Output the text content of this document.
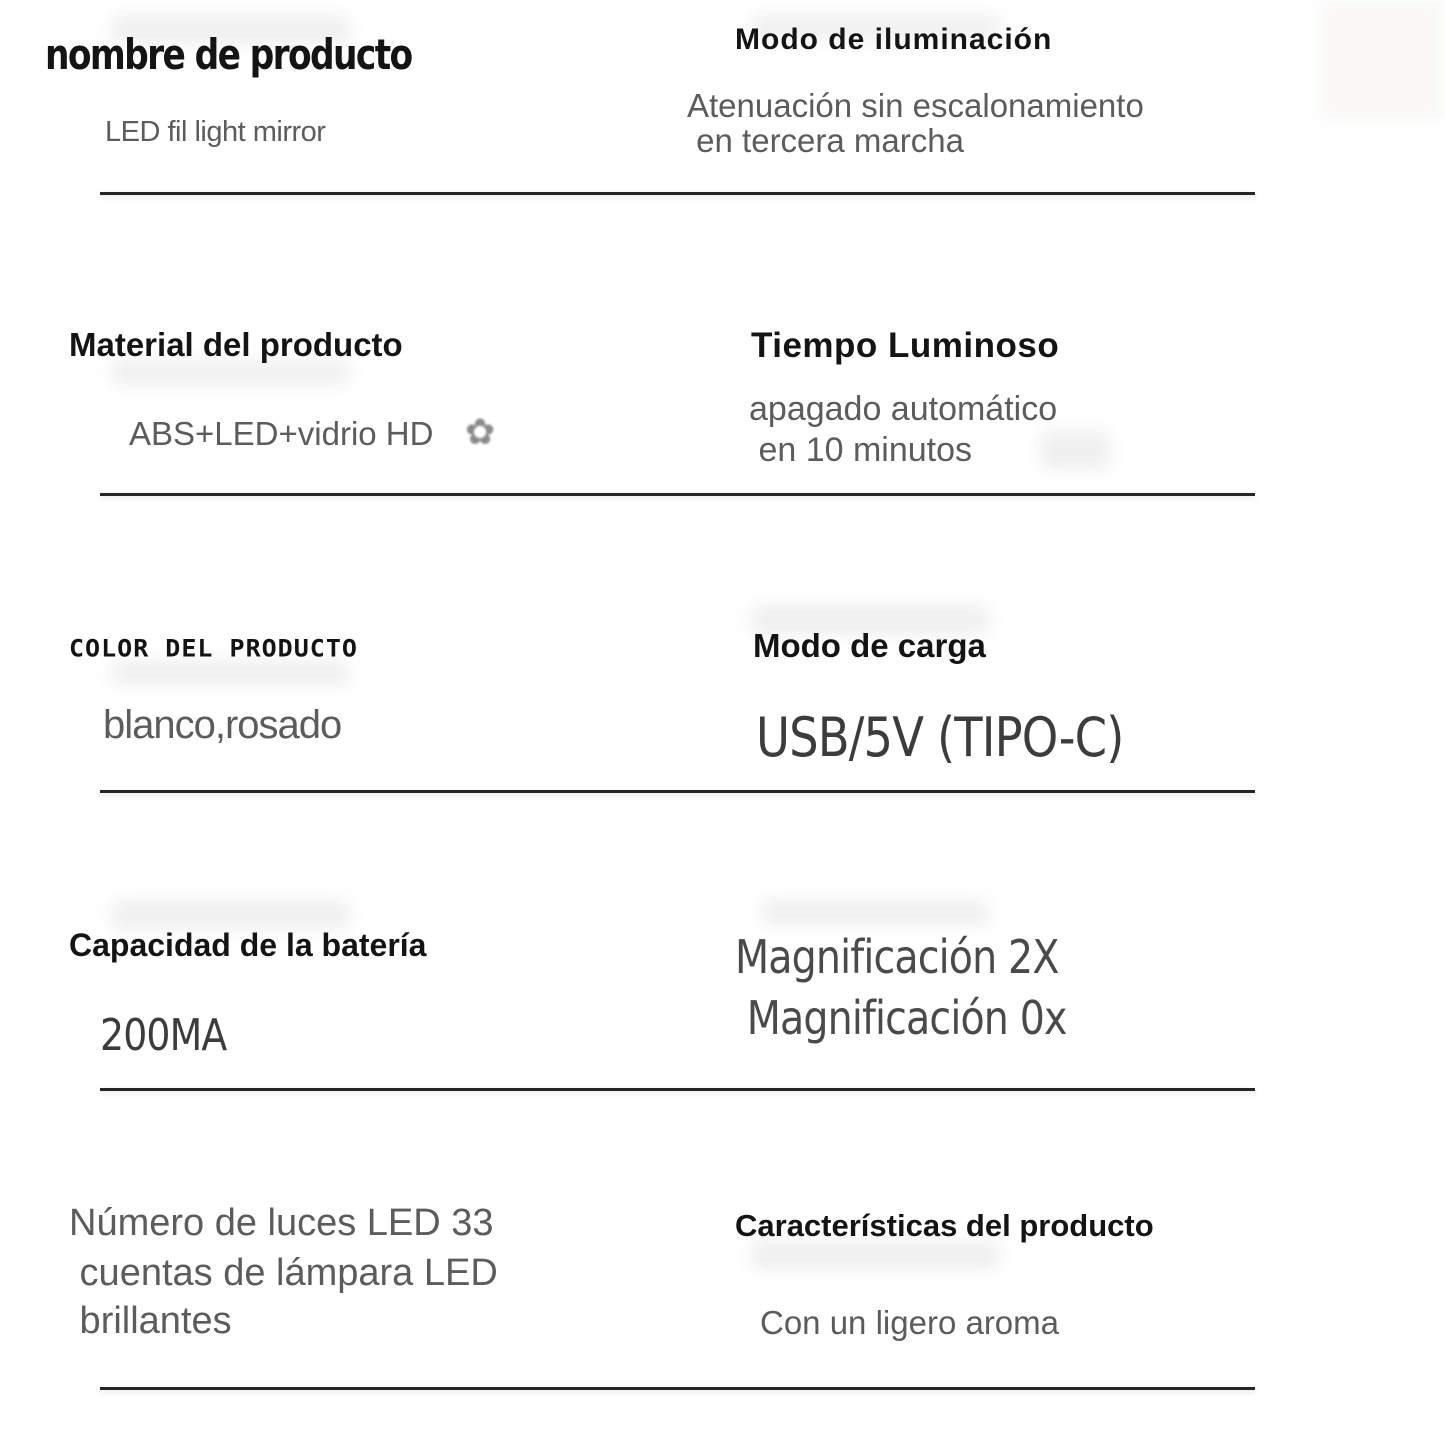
nombre de producto
LED fil light mirror
Modo de iluminación
Atenuación sin escalonamiento
en tercera marcha
Material del producto
ABS+LED+vidrio HD ✿
Tiempo Luminoso
apagado automático
en 10 minutos
COLOR DEL PRODUCTO
blanco,rosado
Modo de carga
USB/5V (TIPO-C)
Capacidad de la batería
200MA
Magnificación 2X
Magnificación 0x
Número de luces LED 33
cuentas de lámpara LED
brillantes
Características del producto
Con un ligero aroma
